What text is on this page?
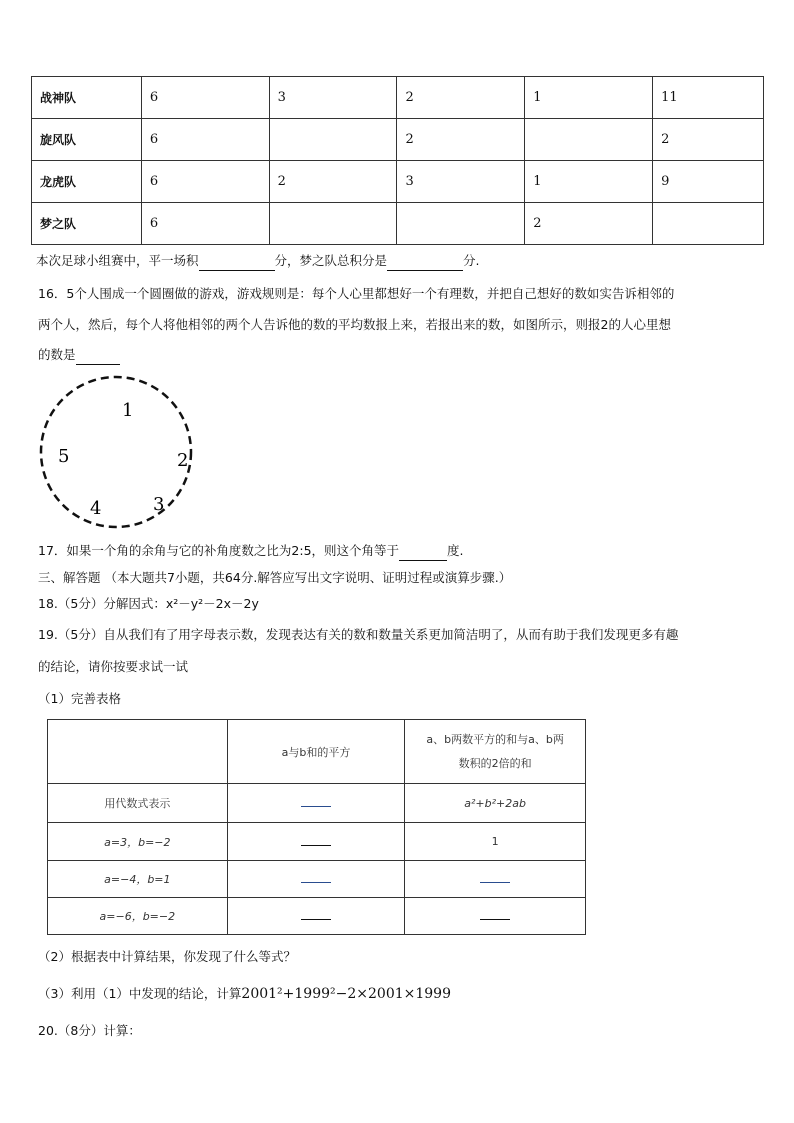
战神队	6	3	2	1	11
旋风队	6		2		2
龙虎队	6	2	3	1	9
梦之队	6			2	
本次足球小组赛中，平一场积	分，梦之队总积分是	分.
16．5个人围成一个圆圈做的游戏，游戏规则是：每个人心里都想好一个有理数，并把自己想好的数如实告诉相邻的
两个人，然后，每个人将他相邻的两个人告诉他的数的平均数报上来，若报出来的数，如图所示，则报2的人心里想
的数是
1
2
3
4
5
17．如果一个角的余角与它的补角度数之比为2:5，则这个角等于	度.
三、解答题 （本大题共7小题，共64分.解答应写出文字说明、证明过程或演算步骤.）
18.（5分）分解因式：x²－y²－2x－2y
19.（5分）自从我们有了用字母表示数，发现表达有关的数和数量关系更加简洁明了，从而有助于我们发现更多有趣
的结论，请你按要求试一试
（1）完善表格
	a与b和的平方	a、b两数平方的和与a、b两
数积的2倍的和

用代数式表示		a²+b²+2ab
a=3，b=−2		1
a=−4，b=1		
a=−6，b=−2		
（2）根据表中计算结果，你发现了什么等式？
（3）利用（1）中发现的结论，计算2001²+1999²−2×2001×1999
20.（8分）计算：
